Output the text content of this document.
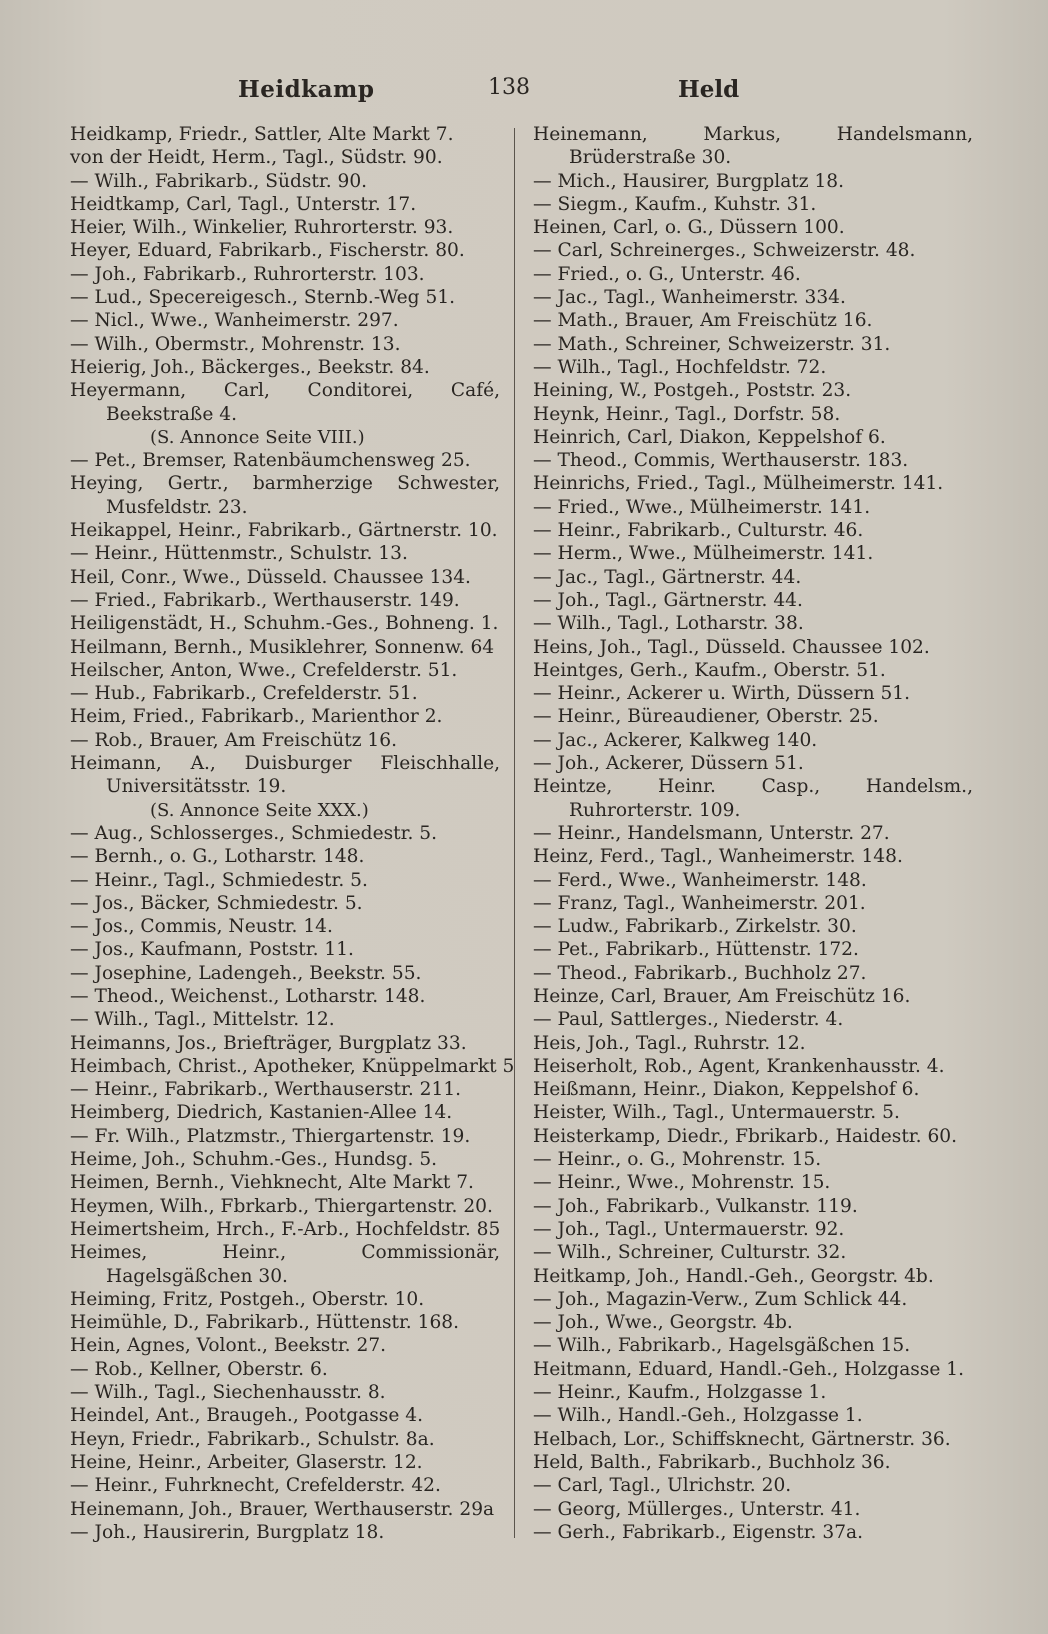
Heidkamp	138	Held

Heidkamp, Friedr., Sattler, Alte Markt 7.

von der Heidt, Herm., Tagl., Südstr. 90.

— Wilh., Fabrikarb., Südstr. 90.

Heidtkamp, Carl, Tagl., Unterstr. 17.

Heier, Wilh., Winkelier, Ruhrorterstr. 93.

Heyer, Eduard, Fabrikarb., Fischerstr. 80.

— Joh., Fabrikarb., Ruhrorterstr. 103.

— Lud., Specereigesch., Sternb.-Weg 51.

— Nicl., Wwe., Wanheimerstr. 297.

— Wilh., Obermstr., Mohrenstr. 13.

Heierig, Joh., Bäckerges., Beekstr. 84.

Heyermann, Carl, Conditorei, Café, Beekstraße 4.

(S. Annonce Seite VIII.)

— Pet., Bremser, Ratenbäumchensweg 25.

Heying, Gertr., barmherzige Schwester, Musfeldstr. 23.

Heikappel, Heinr., Fabrikarb., Gärtnerstr. 10.

— Heinr., Hüttenmstr., Schulstr. 13.

Heil, Conr., Wwe., Düsseld. Chaussee 134.

— Fried., Fabrikarb., Werthauserstr. 149.

Heiligenstädt, H., Schuhm.-Ges., Bohneng. 1.

Heilmann, Bernh., Musiklehrer, Sonnenw. 64

Heilscher, Anton, Wwe., Crefelderstr. 51.

— Hub., Fabrikarb., Crefelderstr. 51.

Heim, Fried., Fabrikarb., Marienthor 2.

— Rob., Brauer, Am Freischütz 16.

Heimann, A., Duisburger Fleischhalle, Universitätsstr. 19.

(S. Annonce Seite XXX.)

— Aug., Schlosserges., Schmiedestr. 5.

— Bernh., o. G., Lotharstr. 148.

— Heinr., Tagl., Schmiedestr. 5.

— Jos., Bäcker, Schmiedestr. 5.

— Jos., Commis, Neustr. 14.

— Jos., Kaufmann, Poststr. 11.

— Josephine, Ladengeh., Beekstr. 55.

— Theod., Weichenst., Lotharstr. 148.

— Wilh., Tagl., Mittelstr. 12.

Heimanns, Jos., Briefträger, Burgplatz 33.

Heimbach, Christ., Apotheker, Knüppelmarkt 5

— Heinr., Fabrikarb., Werthauserstr. 211.

Heimberg, Diedrich, Kastanien-Allee 14.

— Fr. Wilh., Platzmstr., Thiergartenstr. 19.

Heime, Joh., Schuhm.-Ges., Hundsg. 5.

Heimen, Bernh., Viehknecht, Alte Markt 7.

Heymen, Wilh., Fbrkarb., Thiergartenstr. 20.

Heimertsheim, Hrch., F.-Arb., Hochfeldstr. 85

Heimes, Heinr., Commissionär, Hagelsgäßchen 30.

Heiming, Fritz, Postgeh., Oberstr. 10.

Heimühle, D., Fabrikarb., Hüttenstr. 168.

Hein, Agnes, Volont., Beekstr. 27.

— Rob., Kellner, Oberstr. 6.

— Wilh., Tagl., Siechenhausstr. 8.

Heindel, Ant., Braugeh., Pootgasse 4.

Heyn, Friedr., Fabrikarb., Schulstr. 8a.

Heine, Heinr., Arbeiter, Glaserstr. 12.

— Heinr., Fuhrknecht, Crefelderstr. 42.

Heinemann, Joh., Brauer, Werthauserstr. 29a

— Joh., Hausirerin, Burgplatz 18.

Heinemann, Markus, Handelsmann, Brüderstraße 30.

— Mich., Hausirer, Burgplatz 18.

— Siegm., Kaufm., Kuhstr. 31.

Heinen, Carl, o. G., Düssern 100.

— Carl, Schreinerges., Schweizerstr. 48.

— Fried., o. G., Unterstr. 46.

— Jac., Tagl., Wanheimerstr. 334.

— Math., Brauer, Am Freischütz 16.

— Math., Schreiner, Schweizerstr. 31.

— Wilh., Tagl., Hochfeldstr. 72.

Heining, W., Postgeh., Poststr. 23.

Heynk, Heinr., Tagl., Dorfstr. 58.

Heinrich, Carl, Diakon, Keppelshof 6.

— Theod., Commis, Werthauserstr. 183.

Heinrichs, Fried., Tagl., Mülheimerstr. 141.

— Fried., Wwe., Mülheimerstr. 141.

— Heinr., Fabrikarb., Culturstr. 46.

— Herm., Wwe., Mülheimerstr. 141.

— Jac., Tagl., Gärtnerstr. 44.

— Joh., Tagl., Gärtnerstr. 44.

— Wilh., Tagl., Lotharstr. 38.

Heins, Joh., Tagl., Düsseld. Chaussee 102.

Heintges, Gerh., Kaufm., Oberstr. 51.

— Heinr., Ackerer u. Wirth, Düssern 51.

— Heinr., Büreaudiener, Oberstr. 25.

— Jac., Ackerer, Kalkweg 140.

— Joh., Ackerer, Düssern 51.

Heintze, Heinr. Casp., Handelsm., Ruhrorterstr. 109.

— Heinr., Handelsmann, Unterstr. 27.

Heinz, Ferd., Tagl., Wanheimerstr. 148.

— Ferd., Wwe., Wanheimerstr. 148.

— Franz, Tagl., Wanheimerstr. 201.

— Ludw., Fabrikarb., Zirkelstr. 30.

— Pet., Fabrikarb., Hüttenstr. 172.

— Theod., Fabrikarb., Buchholz 27.

Heinze, Carl, Brauer, Am Freischütz 16.

— Paul, Sattlerges., Niederstr. 4.

Heis, Joh., Tagl., Ruhrstr. 12.

Heiserholt, Rob., Agent, Krankenhausstr. 4.

Heißmann, Heinr., Diakon, Keppelshof 6.

Heister, Wilh., Tagl., Untermauerstr. 5.

Heisterkamp, Diedr., Fbrikarb., Haidestr. 60.

— Heinr., o. G., Mohrenstr. 15.

— Heinr., Wwe., Mohrenstr. 15.

— Joh., Fabrikarb., Vulkanstr. 119.

— Joh., Tagl., Untermauerstr. 92.

— Wilh., Schreiner, Culturstr. 32.

Heitkamp, Joh., Handl.-Geh., Georgstr. 4b.

— Joh., Magazin-Verw., Zum Schlick 44.

— Joh., Wwe., Georgstr. 4b.

— Wilh., Fabrikarb., Hagelsgäßchen 15.

Heitmann, Eduard, Handl.-Geh., Holzgasse 1.

— Heinr., Kaufm., Holzgasse 1.

— Wilh., Handl.-Geh., Holzgasse 1.

Helbach, Lor., Schiffsknecht, Gärtnerstr. 36.

Held, Balth., Fabrikarb., Buchholz 36.

— Carl, Tagl., Ulrichstr. 20.

— Georg, Müllerges., Unterstr. 41.

— Gerh., Fabrikarb., Eigenstr. 37a.
